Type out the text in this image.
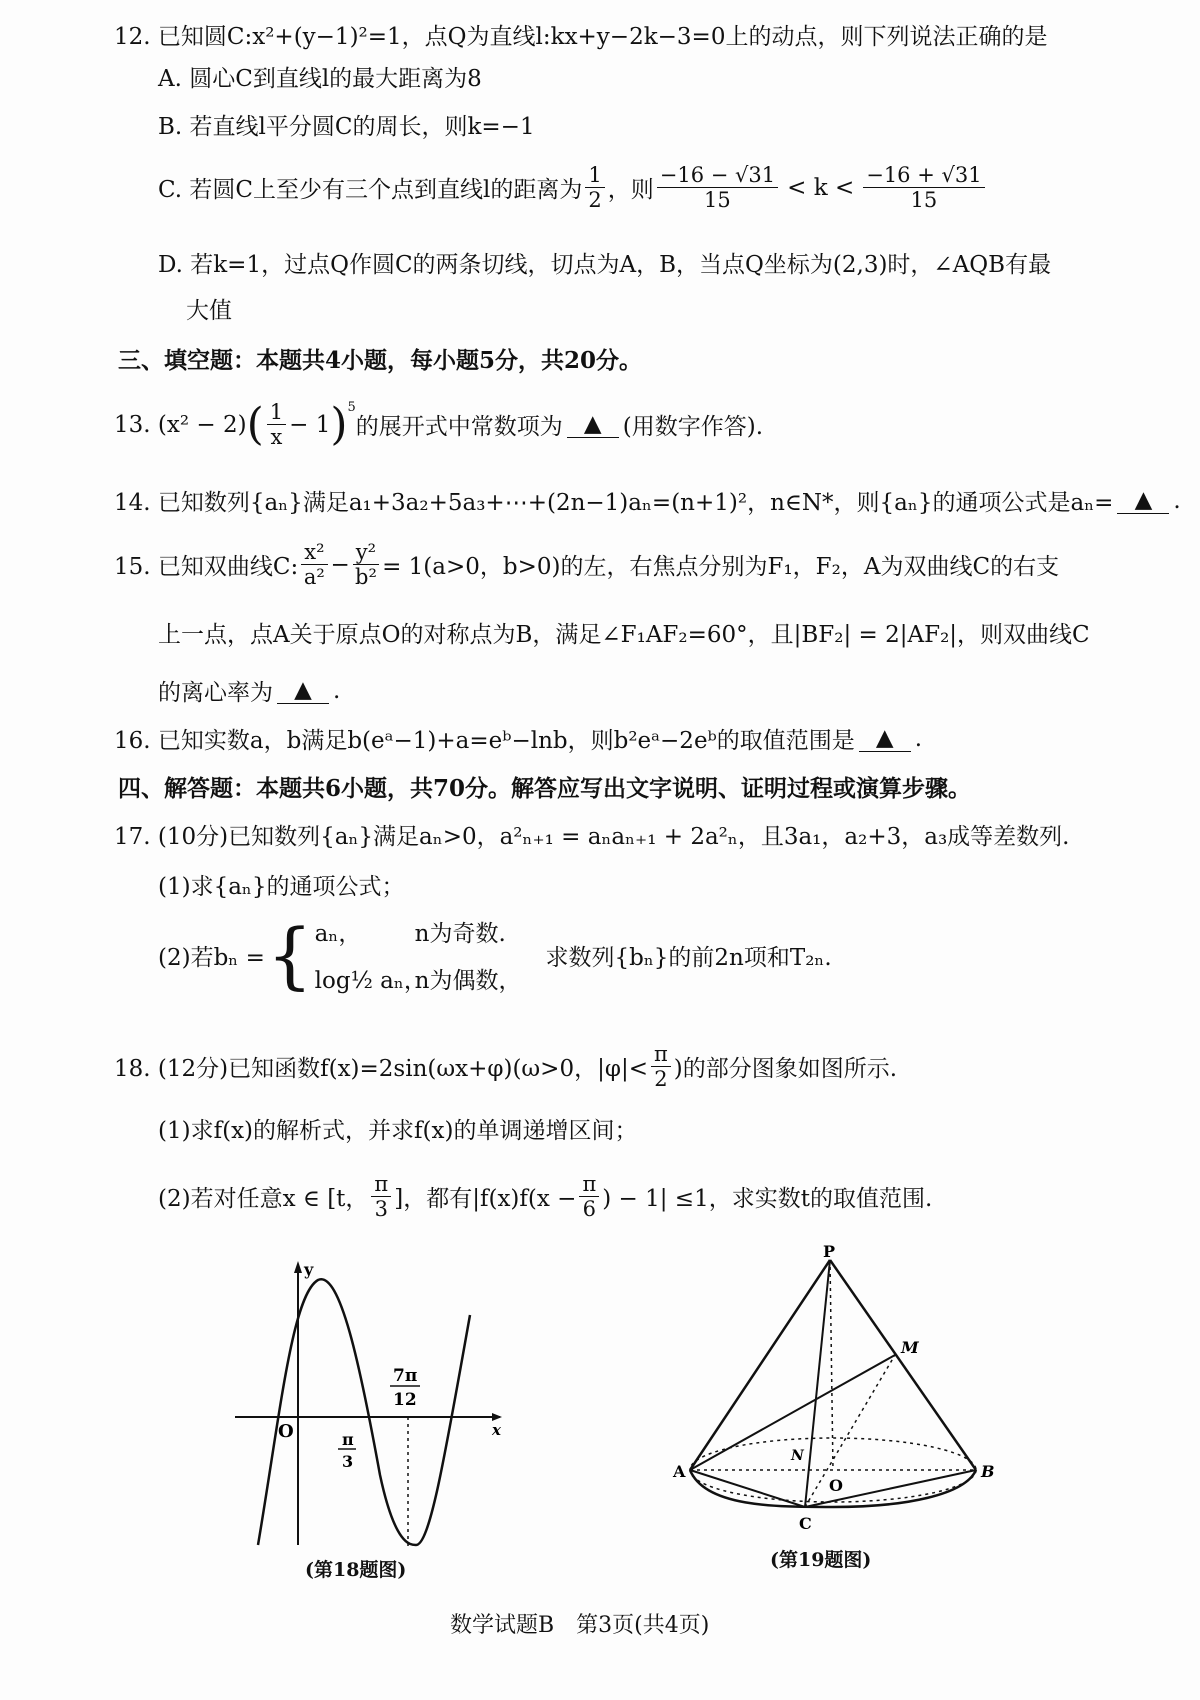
12. 已知圆C:x²+(y−1)²=1，点Q为直线l:kx+y−2k−3=0上的动点，则下列说法正确的是
A. 圆心C到直线l的最大距离为8
B. 若直线l平分圆C的周长，则k=−1
C. 若圆C上至少有三个点到直线l的距离为 $\frac{1}{2}$ ，则 $\frac{-16 - √31}{15} < k < \frac{-16 + √31}{15}$
D. 若k=1，过点Q作圆C的两条切线，切点为A，B，当点Q坐标为(2,3)时，∠AQB有最
大值
三、填空题：本题共4小题，每小题5分，共20分。
13. (x² − 2) ( $\frac{1}{x} - 1$ )$^5$
的展开式中常数项为 ▲ (用数字作答).
14. 已知数列{aₙ}满足a₁+3a₂+5a₃+⋯+(2n−1)aₙ=(n+1)²，n∈N*，则{aₙ}的通项公式是aₙ= ▲ .
15. 已知双曲线C: $\frac{\text{x²}}{\text{a²}} - \frac{\text{y²}}{\text{b²}} = 1(a>0$，b>0)的左，右焦点分别为F₁，F₂，A为双曲线C的右支
上一点，点A关于原点O的对称点为B，满足∠F₁AF₂=60°，且|BF₂| = 2|AF₂|，则双曲线C
的离心率为 ▲ .
16. 已知实数a，b满足b(eᵃ−1)+a=eᵇ−lnb，则b²eᵃ−2eᵇ的取值范围是 ▲ .
四、解答题：本题共6小题，共70分。解答应写出文字说明、证明过程或演算步骤。
17. (10分)已知数列{aₙ}满足aₙ>0，a²ₙ₊₁ = aₙaₙ₊₁ + 2a²ₙ，且3a₁，a₂+3，a₃成等差数列.
(1)求{aₙ}的通项公式；
(2)若bₙ = { aₙ， n为奇数.
log½ aₙ，n为偶数，
求数列{bₙ}的前2n项和T₂ₙ.
18. (12分)已知函数f(x)=2sin(ωx+φ)(ω>0，$|\varphi|< \frac{\pi}{2}$ )的部分图象如图所示.
(1)求f(x)的解析式，并求f(x)的单调递增区间；
(2)若对任意x ∈ [t， $\frac{\pi}{3}$ ]，都有$|f(x)f(x - \frac{\pi}{6}$ ) − 1| ≤1，求实数t的取值范围.
y
x
O	π
3
7π
12
(第18题图)
P
M
A	B
C
N
O
(第19题图)
数学试题B　第3页(共4页)
